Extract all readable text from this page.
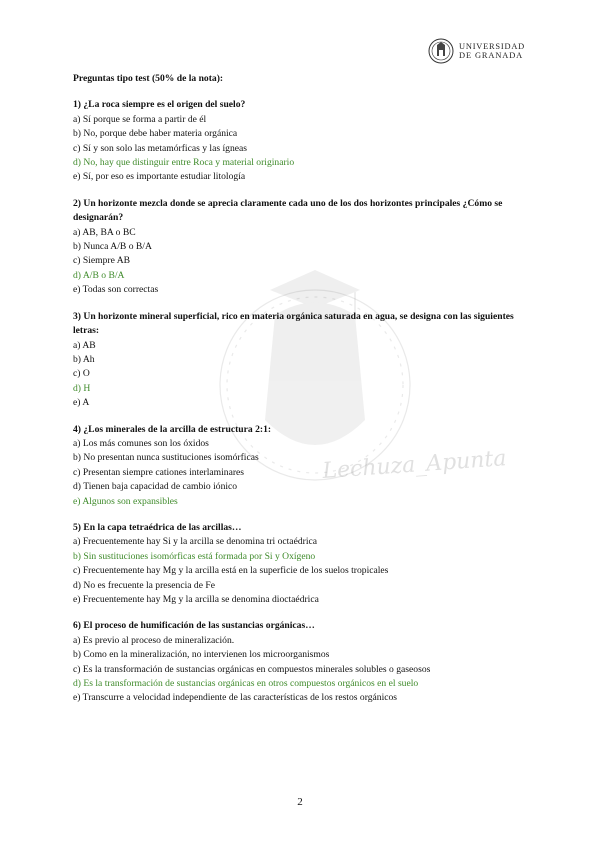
UNIVERSIDAD
DE GRANADA
Lechuza_Apunta
Preguntas tipo test (50% de la nota):
1) ¿La roca siempre es el origen del suelo?
a) Sí porque se forma a partir de él
b) No, porque debe haber materia orgánica
c) Sí y son solo las metamórficas y las ígneas
d) No, hay que distinguir entre Roca y material originario
e) Sí, por eso es importante estudiar litología
2) Un horizonte mezcla donde se aprecia claramente cada uno de los dos horizontes principales ¿Cómo se designarán?
a) AB, BA o BC
b) Nunca A/B o B/A
c) Siempre AB
d) A/B o B/A
e) Todas son correctas
3) Un horizonte mineral superficial, rico en materia orgánica saturada en agua, se designa con las siguientes letras:
a) AB
b) Ah
c) O
d) H
e) A
4) ¿Los minerales de la arcilla de estructura 2:1:
a) Los más comunes son los óxidos
b) No presentan nunca sustituciones isomórficas
c) Presentan siempre cationes interlaminares
d) Tienen baja capacidad de cambio iónico
e) Algunos son expansibles
5) En la capa tetraédrica de las arcillas…
a) Frecuentemente hay Si y la arcilla se denomina tri octaédrica
b) Sin sustituciones isomórficas está formada por Si y Oxígeno
c) Frecuentemente hay Mg y la arcilla está en la superficie de los suelos tropicales
d) No es frecuente la presencia de Fe
e) Frecuentemente hay Mg y la arcilla se denomina dioctaédrica
6) El proceso de humificación de las sustancias orgánicas…
a) Es previo al proceso de mineralización.
b) Como en la mineralización, no intervienen los microorganismos
c) Es la transformación de sustancias orgánicas en compuestos minerales solubles o gaseosos
d) Es la transformación de sustancias orgánicas en otros compuestos orgánicos en el suelo
e) Transcurre a velocidad independiente de las características de los restos orgánicos
2
